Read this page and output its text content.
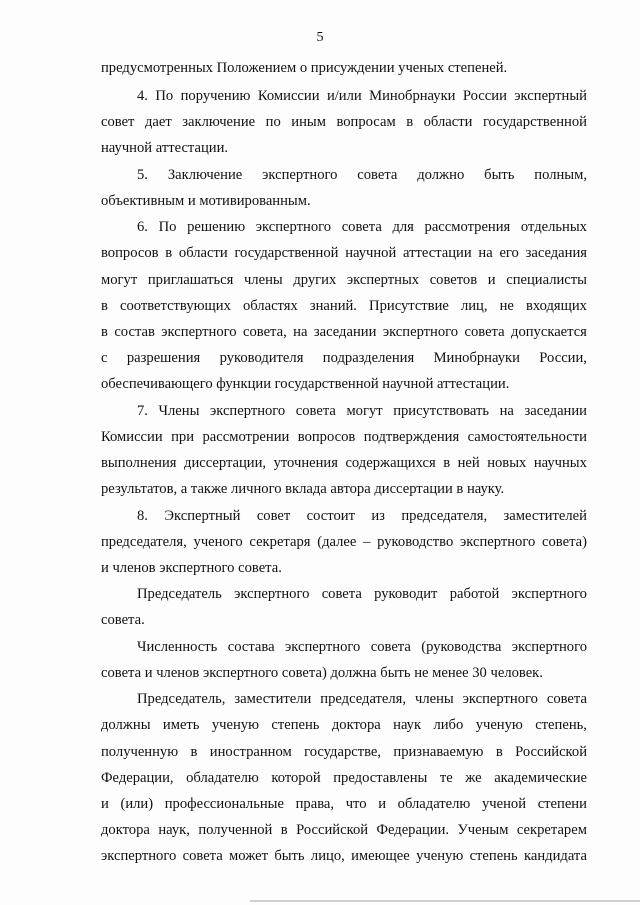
5
предусмотренных Положением о присуждении ученых степеней.
4. По поручению Комиссии и/или Минобрнауки России экспертный
совет дает заключение по иным вопросам в области государственной
научной аттестации.
5. Заключение экспертного совета должно быть полным,
объективным и мотивированным.
6. По решению экспертного совета для рассмотрения отдельных
вопросов в области государственной научной аттестации на его заседания
могут приглашаться члены других экспертных советов и специалисты
в соответствующих областях знаний. Присутствие лиц, не входящих
в состав экспертного совета, на заседании экспертного совета допускается
с разрешения руководителя подразделения Минобрнауки России,
обеспечивающего функции государственной научной аттестации.
7. Члены экспертного совета могут присутствовать на заседании
Комиссии при рассмотрении вопросов подтверждения самостоятельности
выполнения диссертации, уточнения содержащихся в ней новых научных
результатов, а также личного вклада автора диссертации в науку.
8. Экспертный совет состоит из председателя, заместителей
председателя, ученого секретаря (далее – руководство экспертного совета)
и членов экспертного совета.
Председатель экспертного совета руководит работой экспертного
совета.
Численность состава экспертного совета (руководства экспертного
совета и членов экспертного совета) должна быть не менее 30 человек.
Председатель, заместители председателя, члены экспертного совета
должны иметь ученую степень доктора наук либо ученую степень,
полученную в иностранном государстве, признаваемую в Российской
Федерации, обладателю которой предоставлены те же академические
и (или) профессиональные права, что и обладателю ученой степени
доктора наук, полученной в Российской Федерации. Ученым секретарем
экспертного совета может быть лицо, имеющее ученую степень кандидата
